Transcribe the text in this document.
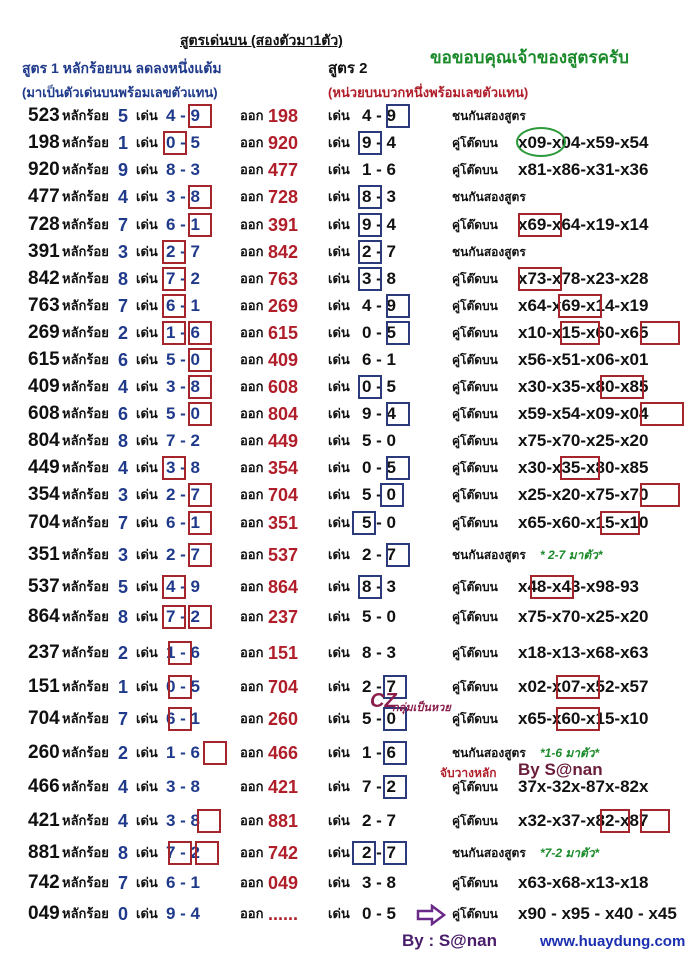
สูตรเด่นบน (สองตัวมา1ตัว)
ขอขอบคุณเจ้าของสูตรครับ
สูตร 1 หลักร้อยบน ลดลงหนึ่งแต้ม
(มาเป็นตัวเด่นบนพร้อมเลขตัวแทน)
สูตร 2
(หน่วยบนบวกหนึ่งพร้อมเลขตัวแทน)
523 หลักร้อย 5 เด่น 4 - 9	ออก 198 เด่น 4 - 9	ชนกันสองสูตร
198 หลักร้อย 1 เด่น 0 - 5	ออก 920 เด่น 9 - 4	คู่โต๊ดบน x09-x04-x59-x54
920 หลักร้อย 9 เด่น 8 - 3	ออก 477 เด่น 1 - 6	คู่โต๊ดบน x81-x86-x31-x36
477 หลักร้อย 4 เด่น 3 - 8	ออก 728 เด่น 8 - 3	ชนกันสองสูตร
728 หลักร้อย 7 เด่น 6 - 1	ออก 391 เด่น 9 - 4	คู่โต๊ดบน x69-x64-x19-x14
391 หลักร้อย 3 เด่น 2 - 7	ออก 842 เด่น 2 - 7	ชนกันสองสูตร
842 หลักร้อย 8 เด่น 7 - 2	ออก 763 เด่น 3 - 8	คู่โต๊ดบน x73-x78-x23-x28
763 หลักร้อย 7 เด่น 6 - 1	ออก 269 เด่น 4 - 9	คู่โต๊ดบน x64-x69-x14-x19
269 หลักร้อย 2 เด่น 1 - 6	ออก 615 เด่น 0 - 5	คู่โต๊ดบน x10-x15-x60-x65
615 หลักร้อย 6 เด่น 5 - 0	ออก 409 เด่น 6 - 1	คู่โต๊ดบน x56-x51-x06-x01
409 หลักร้อย 4 เด่น 3 - 8	ออก 608 เด่น 0 - 5	คู่โต๊ดบน x30-x35-x80-x85
608 หลักร้อย 6 เด่น 5 - 0	ออก 804 เด่น 9 - 4	คู่โต๊ดบน x59-x54-x09-x04
804 หลักร้อย 8 เด่น 7 - 2	ออก 449 เด่น 5 - 0	คู่โต๊ดบน x75-x70-x25-x20
449 หลักร้อย 4 เด่น 3 - 8	ออก 354 เด่น 0 - 5	คู่โต๊ดบน x30-x35-x80-x85
354 หลักร้อย 3 เด่น 2 - 7	ออก 704 เด่น 5 - 0	คู่โต๊ดบน x25-x20-x75-x70
704 หลักร้อย 7 เด่น 6 - 1	ออก 351 เด่น 5 - 0	คู่โต๊ดบน x65-x60-x15-x10
351 หลักร้อย 3 เด่น 2 - 7	ออก 537 เด่น 2 - 7	ชนกันสองสูตร * 2-7 มาตัว*
537 หลักร้อย 5 เด่น 4 - 9	ออก 864 เด่น 8 - 3	คู่โต๊ดบน x48-x43-x98-93
864 หลักร้อย 8 เด่น 7 - 2	ออก 237 เด่น 5 - 0	คู่โต๊ดบน x75-x70-x25-x20
237 หลักร้อย 2 เด่น 1 - 6	ออก 151 เด่น 8 - 3	คู่โต๊ดบน x18-x13-x68-x63
151 หลักร้อย 1 เด่น 0 - 5	ออก 704 เด่น 2 - 7	คู่โต๊ดบน x02-x07-x52-x57
704 หลักร้อย 7 เด่น 6 - 1	ออก 260 เด่น 5 - 0	คู่โต๊ดบน x65-x60-x15-x10
260 หลักร้อย 2 เด่น 1 - 6	ออก 466 เด่น 1 - 6	ชนกันสองสูตร *1-6 มาตัว*
466 หลักร้อย 4 เด่น 3 - 8	ออก 421 เด่น 7 - 2	คู่โต๊ดบน 37x-32x-87x-82x
421 หลักร้อย 4 เด่น 3 - 8	ออก 881 เด่น 2 - 7	คู่โต๊ดบน x32-x37-x82-x87
881 หลักร้อย 8 เด่น 7 - 2	ออก 742 เด่น 2 - 7	ชนกันสองสูตร *7-2 มาตัว*
742 หลักร้อย 7 เด่น 6 - 1	ออก 049 เด่น 3 - 8	คู่โต๊ดบน x63-x68-x13-x18
049 หลักร้อย 0 เด่น 9 - 4	ออก ...... เด่น 0 - 5	คู่โต๊ดบน x90 - x95 - x40 - x45
CZ
กลุ่มเป็นหวย
จับวางหลัก By S@nan
By : S@nan	www.huaydung.com
